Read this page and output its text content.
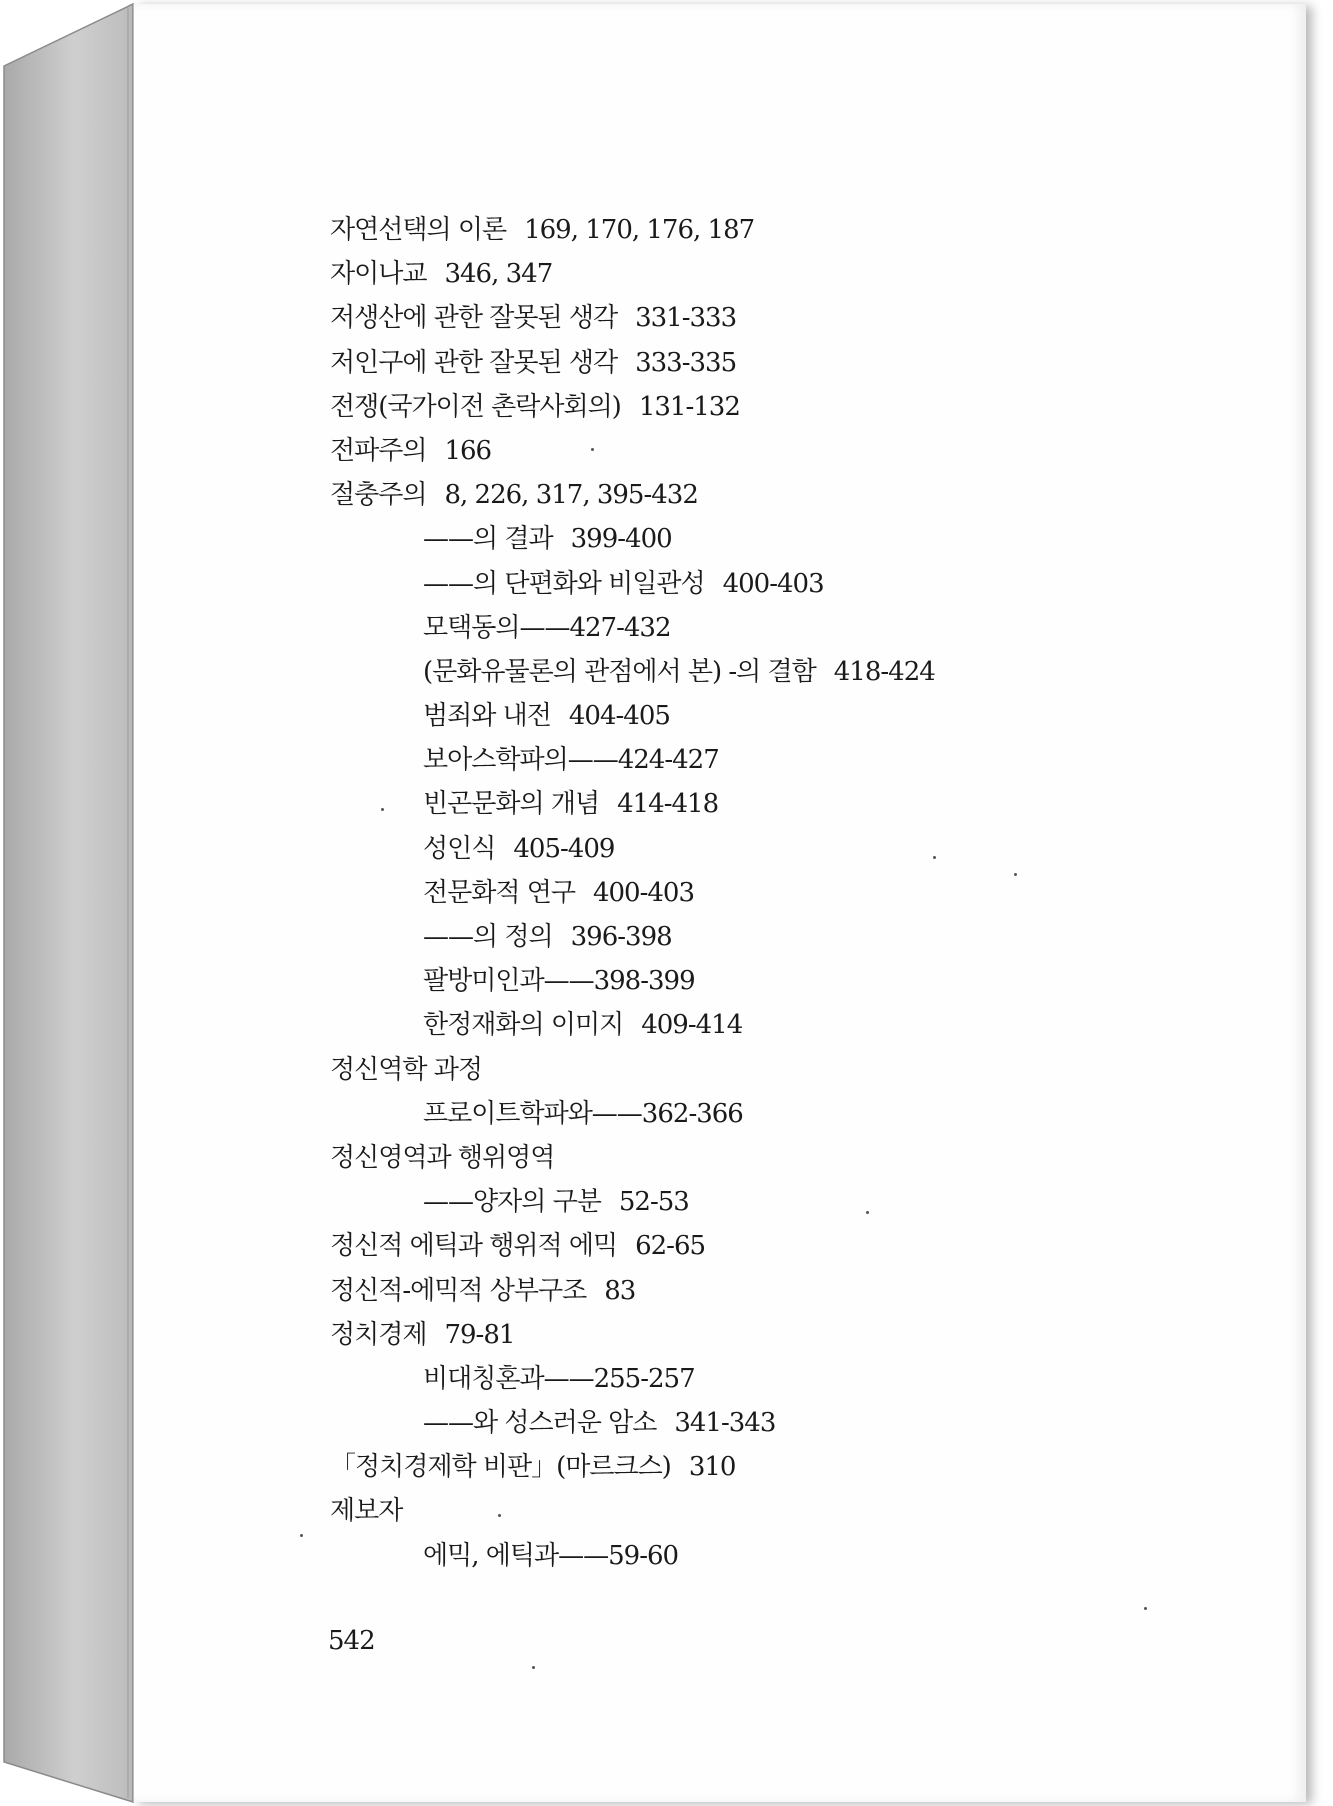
자연선택의 이론 169, 170, 176, 187
자이나교 346, 347
저생산에 관한 잘못된 생각 331-333
저인구에 관한 잘못된 생각 333-335
전쟁(국가이전 촌락사회의) 131-132
전파주의 166
절충주의 8, 226, 317, 395-432
——의 결과 399-400
——의 단편화와 비일관성 400-403
모택동의——427-432
(문화유물론의 관점에서 본) -의 결함 418-424
범죄와 내전 404-405
보아스학파의——424-427
빈곤문화의 개념 414-418
성인식 405-409
전문화적 연구 400-403
——의 정의 396-398
팔방미인과——398-399
한정재화의 이미지 409-414
정신역학 과정
프로이트학파와——362-366
정신영역과 행위영역
——양자의 구분 52-53
정신적 에틱과 행위적 에믹 62-65
정신적-에믹적 상부구조 83
정치경제 79-81
비대칭혼과——255-257
——와 성스러운 암소 341-343
「정치경제학 비판」(마르크스) 310
제보자
에믹, 에틱과——59-60
542
